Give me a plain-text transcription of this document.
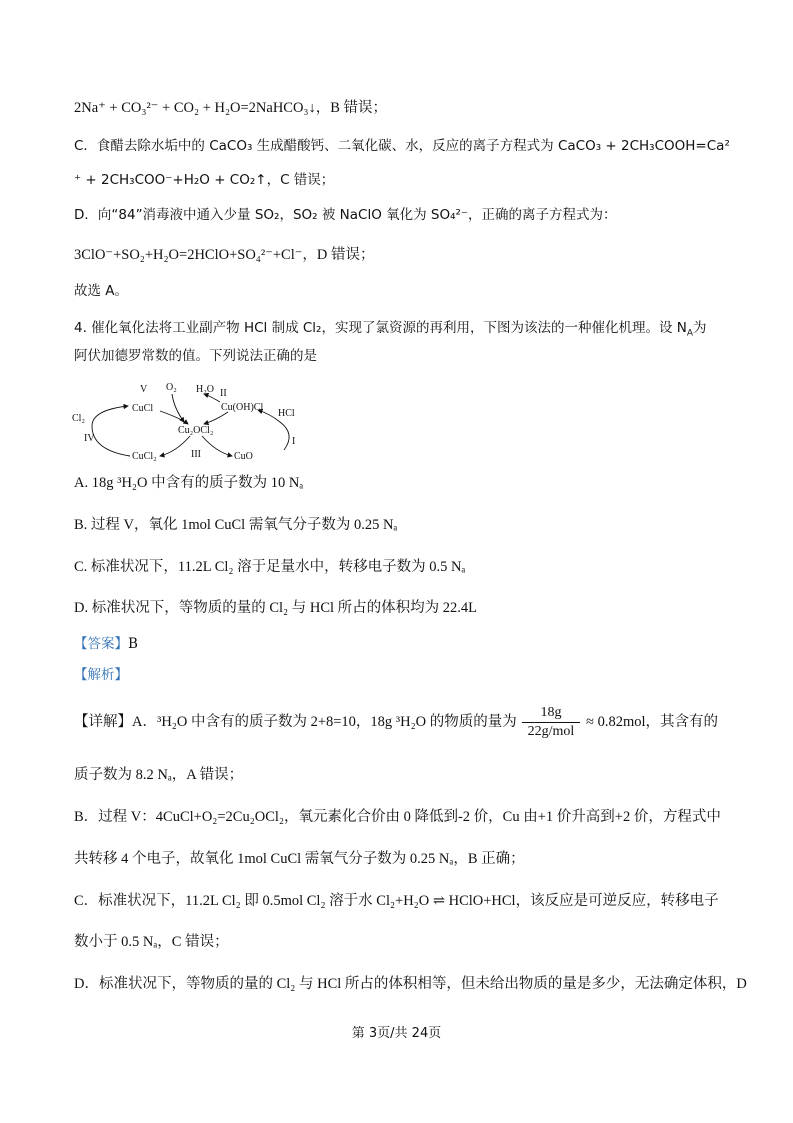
2Na⁺ + CO₃²⁻ + CO₂ + H₂O=2NaHCO₃↓，B 错误；
C．食醋去除水垢中的 CaCO₃ 生成醋酸钙、二氧化碳、水，反应的离子方程式为 CaCO₃ + 2CH₃COOH=Ca²
⁺ + 2CH₃COO⁻+H₂O + CO₂↑，C 错误；
D．向“84”消毒液中通入少量 SO₂，SO₂ 被 NaClO 氧化为 SO₄²⁻，正确的离子方程式为：
3ClO⁻+SO₂+H₂O=2HClO+SO₄²⁻+Cl⁻，D 错误；
故选 A。
4. 催化氧化法将工业副产物 HCl 制成 Cl₂，实现了氯资源的再利用，下图为该法的一种催化机理。设 $N_A$为
阿伏加德罗常数的值。下列说法正确的是
Cl₂
V O₂ H₂O II
CuCl	Cu(OH)Cl
HCl
Cu₂OCl₂
IV	I
III
CuCl₂	CuO
A. 18g ³H₂O 中含有的质子数为 10 Nₐ
B. 过程 V，氧化 1mol CuCl 需氧气分子数为 0.25 Nₐ
C. 标准状况下，11.2L Cl₂ 溶于足量水中，转移电子数为 0.5 Nₐ
D. 标准状况下，等物质的量的 Cl₂ 与 HCl 所占的体积均为 22.4L
【答案】B
【解析】
【详解】A．³H₂O 中含有的质子数为 2+8=10，18g ³H₂O 的物质的量为
18g
22g/mol
≈ 0.82mol，其含有的
质子数为 8.2 Nₐ，A 错误；
B．过程 V：4CuCl+O₂=2Cu₂OCl₂，氧元素化合价由 0 降低到-2 价，Cu 由+1 价升高到+2 价，方程式中
共转移 4 个电子，故氧化 1mol CuCl 需氧气分子数为 0.25 Nₐ，B 正确；
C．标准状况下，11.2L Cl₂ 即 0.5mol Cl₂ 溶于水 Cl₂+H₂O ⇌ HClO+HCl，该反应是可逆反应，转移电子
数小于 0.5 Nₐ，C 错误；
D．标准状况下，等物质的量的 Cl₂ 与 HCl 所占的体积相等，但未给出物质的量是多少，无法确定体积，D
第 3页/共 24页
